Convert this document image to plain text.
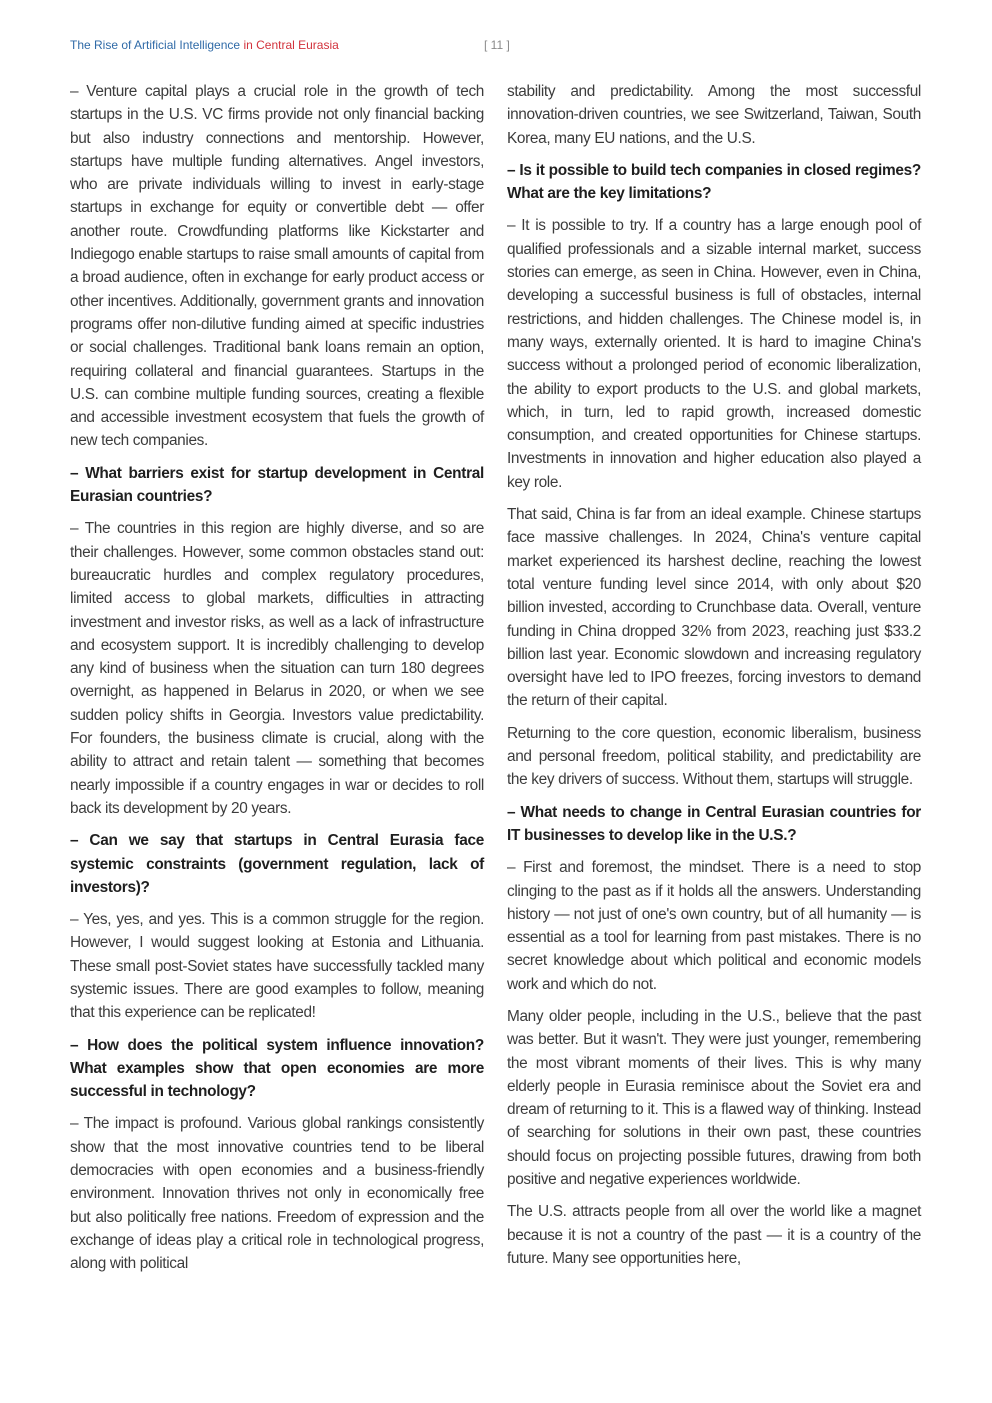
The Rise of Artificial Intelligence in Central Eurasia	[ 11 ]

– Venture capital plays a crucial role in the growth of tech startups in the U.S. VC firms provide not only financial backing but also industry connections and mentorship. However, startups have multiple funding alternatives. Angel investors, who are private individuals willing to invest in early-stage startups in exchange for equity or convertible debt — offer another route. Crowdfunding platforms like Kickstarter and Indiegogo enable startups to raise small amounts of capital from a broad audience, often in exchange for early product access or other incentives. Additionally, government grants and innovation programs offer non-dilutive funding aimed at specific industries or social challenges. Traditional bank loans remain an option, requiring collateral and financial guarantees. Startups in the U.S. can combine multiple funding sources, creating a flexible and accessible investment ecosystem that fuels the growth of new tech companies.

– What barriers exist for startup development in Central Eurasian countries?

– The countries in this region are highly diverse, and so are their challenges. However, some common obstacles stand out: bureaucratic hurdles and complex regulatory procedures, limited access to global markets, difficulties in attracting investment and investor risks, as well as a lack of infrastructure and ecosystem support. It is incredibly challenging to develop any kind of business when the situation can turn 180 degrees overnight, as happened in Belarus in 2020, or when we see sudden policy shifts in Georgia. Investors value predictability. For founders, the business climate is crucial, along with the ability to attract and retain talent — something that becomes nearly impossible if a country engages in war or decides to roll back its development by 20 years.

– Can we say that startups in Central Eurasia face systemic constraints (government regulation, lack of investors)?

– Yes, yes, and yes. This is a common struggle for the region. However, I would suggest looking at Estonia and Lithuania. These small post-Soviet states have successfully tackled many systemic issues. There are good examples to follow, meaning that this experience can be replicated!

– How does the political system influence innovation? What examples show that open economies are more successful in technology?

– The impact is profound. Various global rankings consistently show that the most innovative countries tend to be liberal democracies with open economies and a business-friendly environment. Innovation thrives not only in economically free but also politically free nations. Freedom of expression and the exchange of ideas play a critical role in technological progress, along with political

stability and predictability. Among the most successful innovation-driven countries, we see Switzerland, Taiwan, South Korea, many EU nations, and the U.S.

– Is it possible to build tech companies in closed regimes? What are the key limitations?

– It is possible to try. If a country has a large enough pool of qualified professionals and a sizable internal market, success stories can emerge, as seen in China. However, even in China, developing a successful business is full of obstacles, internal restrictions, and hidden challenges. The Chinese model is, in many ways, externally oriented. It is hard to imagine China's success without a prolonged period of economic liberalization, the ability to export products to the U.S. and global markets, which, in turn, led to rapid growth, increased domestic consumption, and created opportunities for Chinese startups. Investments in innovation and higher education also played a key role.

That said, China is far from an ideal example. Chinese startups face massive challenges. In 2024, China's venture capital market experienced its harshest decline, reaching the lowest total venture funding level since 2014, with only about $20 billion invested, according to Crunchbase data. Overall, venture funding in China dropped 32% from 2023, reaching just $33.2 billion last year. Economic slowdown and increasing regulatory oversight have led to IPO freezes, forcing investors to demand the return of their capital.

Returning to the core question, economic liberalism, business and personal freedom, political stability, and predictability are the key drivers of success. Without them, startups will struggle.

– What needs to change in Central Eurasian countries for IT businesses to develop like in the U.S.?

– First and foremost, the mindset. There is a need to stop clinging to the past as if it holds all the answers. Understanding history — not just of one's own country, but of all humanity — is essential as a tool for learning from past mistakes. There is no secret knowledge about which political and economic models work and which do not.

Many older people, including in the U.S., believe that the past was better. But it wasn't. They were just younger, remembering the most vibrant moments of their lives. This is why many elderly people in Eurasia reminisce about the Soviet era and dream of returning to it. This is a flawed way of thinking. Instead of searching for solutions in their own past, these countries should focus on projecting possible futures, drawing from both positive and negative experiences worldwide.

The U.S. attracts people from all over the world like a magnet because it is not a country of the past — it is a country of the future. Many see opportunities here,
